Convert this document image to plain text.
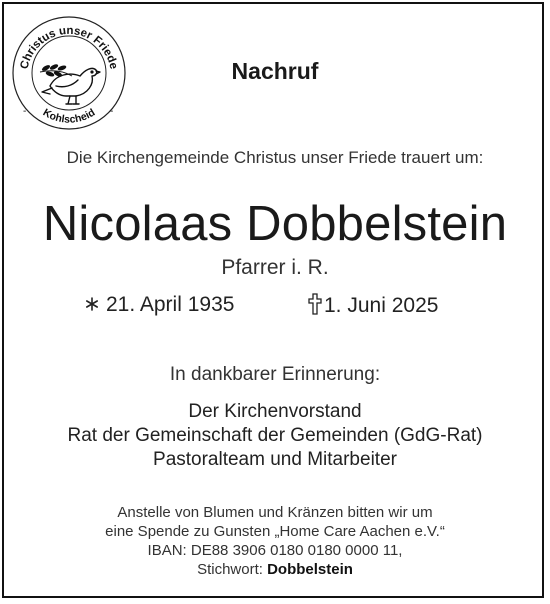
Christus unser Friede
Kohlscheid
-	-
Nachruf
Die Kirchengemeinde Christus unser Friede trauert um:
Nicolaas Dobbelstein
Pfarrer i. R.
21. April 1935	1. Juni 2025
In dankbarer Erinnerung:
Der Kirchenvorstand
Rat der Gemeinschaft der Gemeinden (GdG-Rat)
Pastoralteam und Mitarbeiter
Anstelle von Blumen und Kränzen bitten wir um
eine Spende zu Gunsten „Home Care Aachen e.V.“
IBAN: DE88 3906 0180 0180 0000 11,
Stichwort: Dobbelstein
